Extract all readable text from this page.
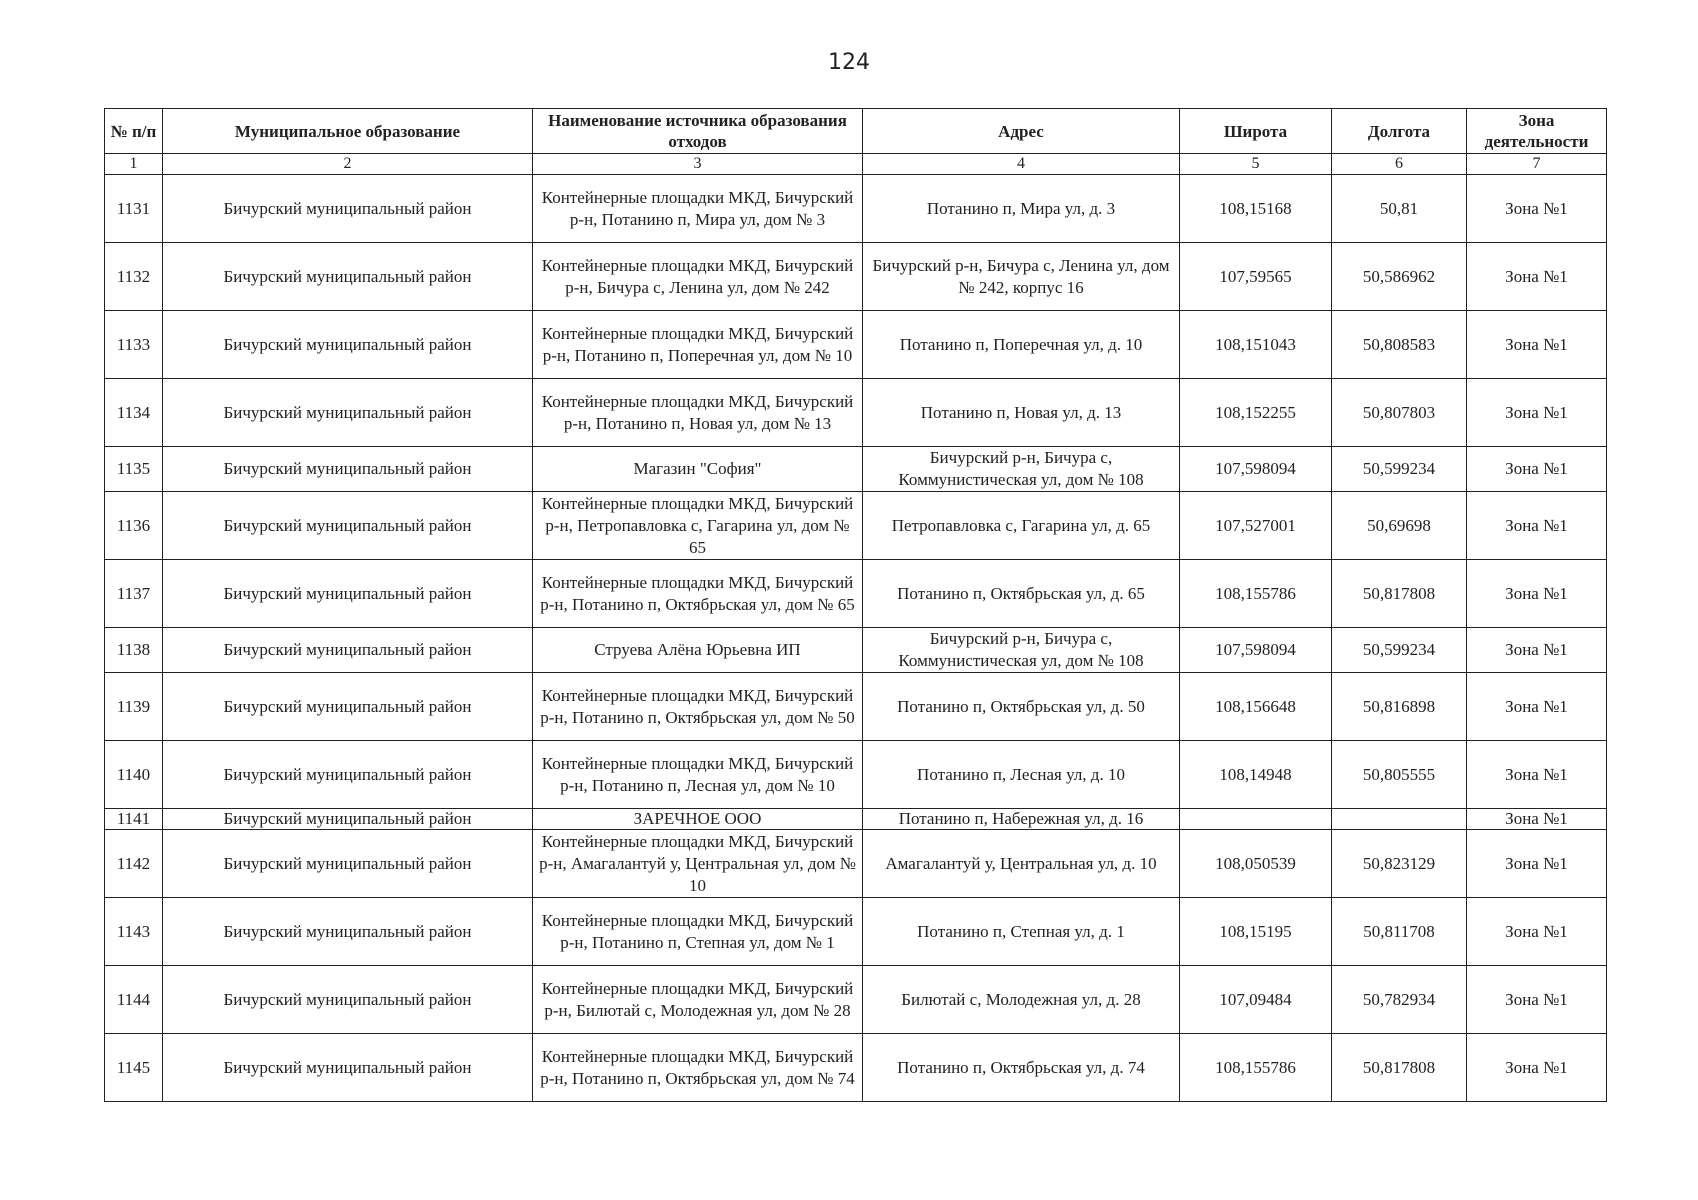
124
№ п/п	Муниципальное образование	Наименование источника образования отходов	Адрес	Широта	Долгота	Зона деятельности
1	2	3	4	5	6	7
1131	Бичурский муниципальный район	Контейнерные площадки МКД, Бичурский р-н, Потанино п, Мира ул, дом № 3	Потанино п, Мира ул, д. 3	108,15168	50,81	Зона №1
1132	Бичурский муниципальный район	Контейнерные площадки МКД, Бичурский р-н, Бичура с, Ленина ул, дом № 242	Бичурский р-н, Бичура с, Ленина ул, дом № 242, корпус 16	107,59565	50,586962	Зона №1
1133	Бичурский муниципальный район	Контейнерные площадки МКД, Бичурский р-н, Потанино п, Поперечная ул, дом № 10	Потанино п, Поперечная ул, д. 10	108,151043	50,808583	Зона №1
1134	Бичурский муниципальный район	Контейнерные площадки МКД, Бичурский р-н, Потанино п, Новая ул, дом № 13	Потанино п, Новая ул, д. 13	108,152255	50,807803	Зона №1
1135	Бичурский муниципальный район	Магазин "София"	Бичурский р-н, Бичура с, Коммунистическая ул, дом № 108	107,598094	50,599234	Зона №1
1136	Бичурский муниципальный район	Контейнерные площадки МКД, Бичурский р-н, Петропавловка с, Гагарина ул, дом № 65	Петропавловка с, Гагарина ул, д. 65	107,527001	50,69698	Зона №1
1137	Бичурский муниципальный район	Контейнерные площадки МКД, Бичурский р-н, Потанино п, Октябрьская ул, дом № 65	Потанино п, Октябрьская ул, д. 65	108,155786	50,817808	Зона №1
1138	Бичурский муниципальный район	Струева Алёна Юрьевна ИП	Бичурский р-н, Бичура с, Коммунистическая ул, дом № 108	107,598094	50,599234	Зона №1
1139	Бичурский муниципальный район	Контейнерные площадки МКД, Бичурский р-н, Потанино п, Октябрьская ул, дом № 50	Потанино п, Октябрьская ул, д. 50	108,156648	50,816898	Зона №1
1140	Бичурский муниципальный район	Контейнерные площадки МКД, Бичурский р-н, Потанино п, Лесная ул, дом № 10	Потанино п, Лесная ул, д. 10	108,14948	50,805555	Зона №1
1141	Бичурский муниципальный район	ЗАРЕЧНОЕ ООО	Потанино п, Набережная ул, д. 16			Зона №1
1142	Бичурский муниципальный район	Контейнерные площадки МКД, Бичурский р-н, Амагалантуй у, Центральная ул, дом № 10	Амагалантуй у, Центральная ул, д. 10	108,050539	50,823129	Зона №1
1143	Бичурский муниципальный район	Контейнерные площадки МКД, Бичурский р-н, Потанино п, Степная ул, дом № 1	Потанино п, Степная ул, д. 1	108,15195	50,811708	Зона №1
1144	Бичурский муниципальный район	Контейнерные площадки МКД, Бичурский р-н, Билютай с, Молодежная ул, дом № 28	Билютай с, Молодежная ул, д. 28	107,09484	50,782934	Зона №1
1145	Бичурский муниципальный район	Контейнерные площадки МКД, Бичурский р-н, Потанино п, Октябрьская ул, дом № 74	Потанино п, Октябрьская ул, д. 74	108,155786	50,817808	Зона №1
